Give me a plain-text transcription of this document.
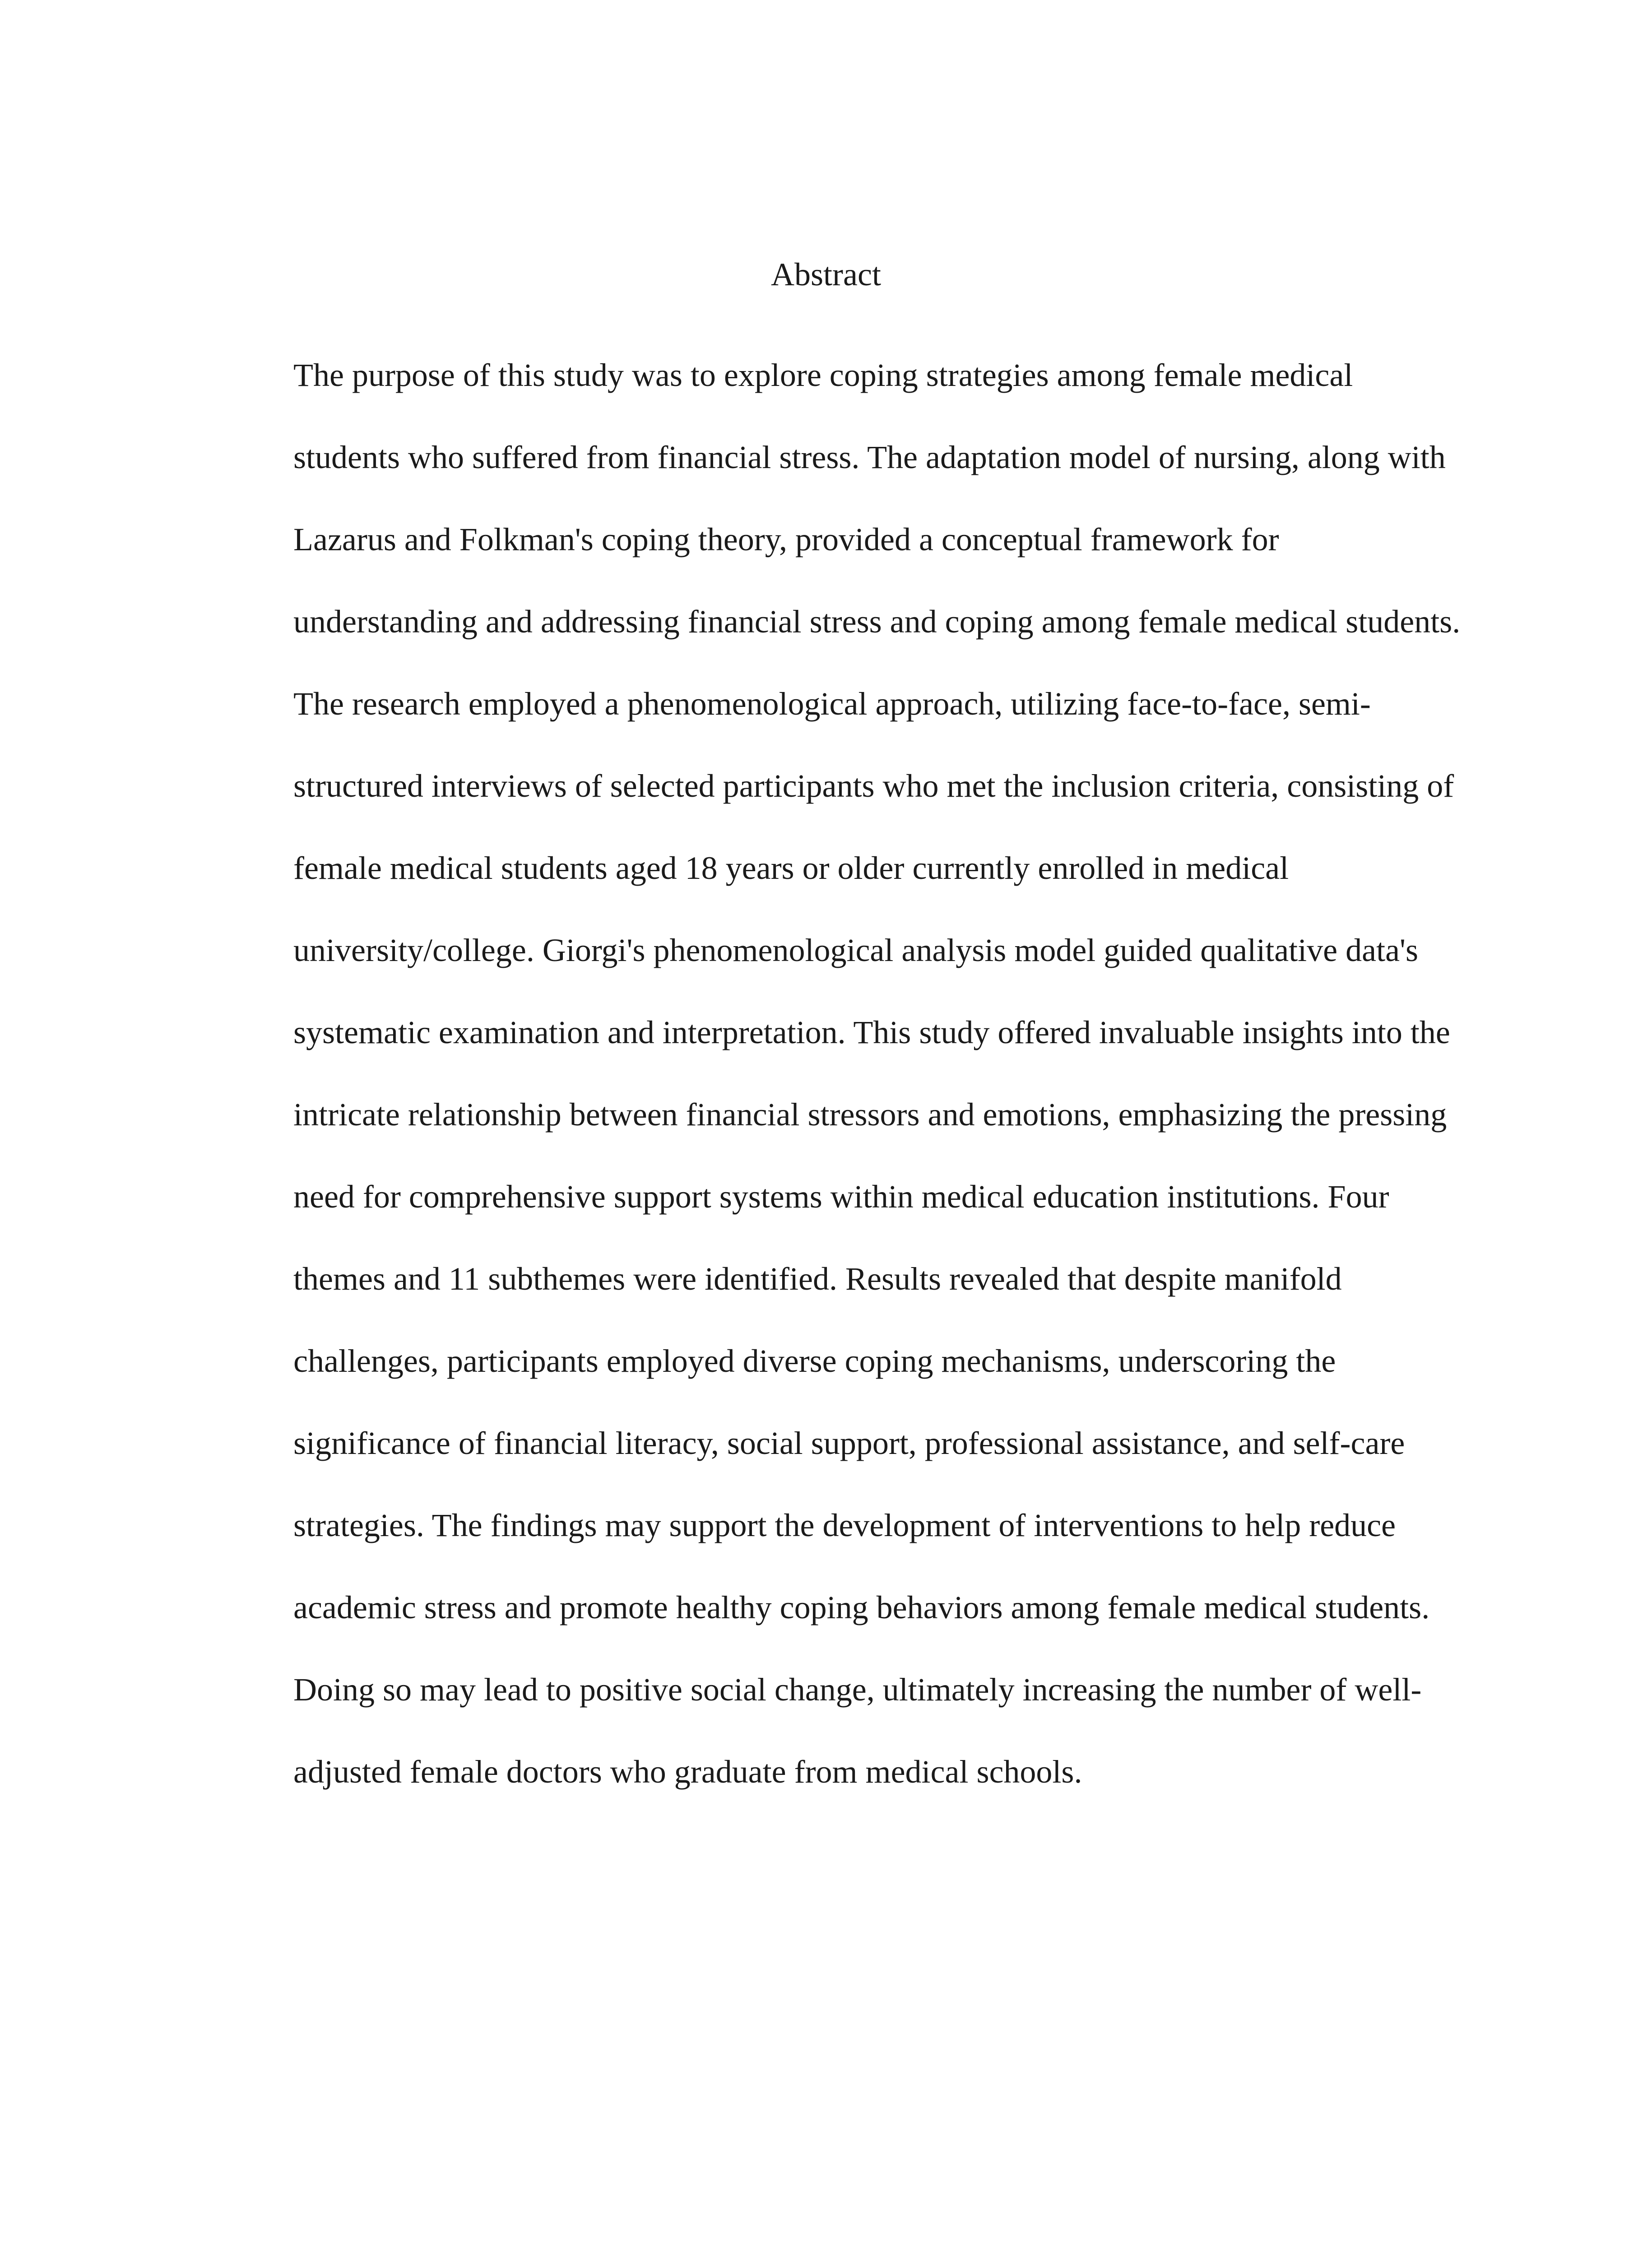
Abstract
The purpose of this study was to explore coping strategies among female medical
students who suffered from financial stress. The adaptation model of nursing, along with
Lazarus and Folkman's coping theory, provided a conceptual framework for
understanding and addressing financial stress and coping among female medical students.
The research employed a phenomenological approach, utilizing face-to-face, semi-
structured interviews of selected participants who met the inclusion criteria, consisting of
female medical students aged 18 years or older currently enrolled in medical
university/college. Giorgi's phenomenological analysis model guided qualitative data's
systematic examination and interpretation. This study offered invaluable insights into the
intricate relationship between financial stressors and emotions, emphasizing the pressing
need for comprehensive support systems within medical education institutions. Four
themes and 11 subthemes were identified. Results revealed that despite manifold
challenges, participants employed diverse coping mechanisms, underscoring the
significance of financial literacy, social support, professional assistance, and self-care
strategies. The findings may support the development of interventions to help reduce
academic stress and promote healthy coping behaviors among female medical students.
Doing so may lead to positive social change, ultimately increasing the number of well-
adjusted female doctors who graduate from medical schools.
